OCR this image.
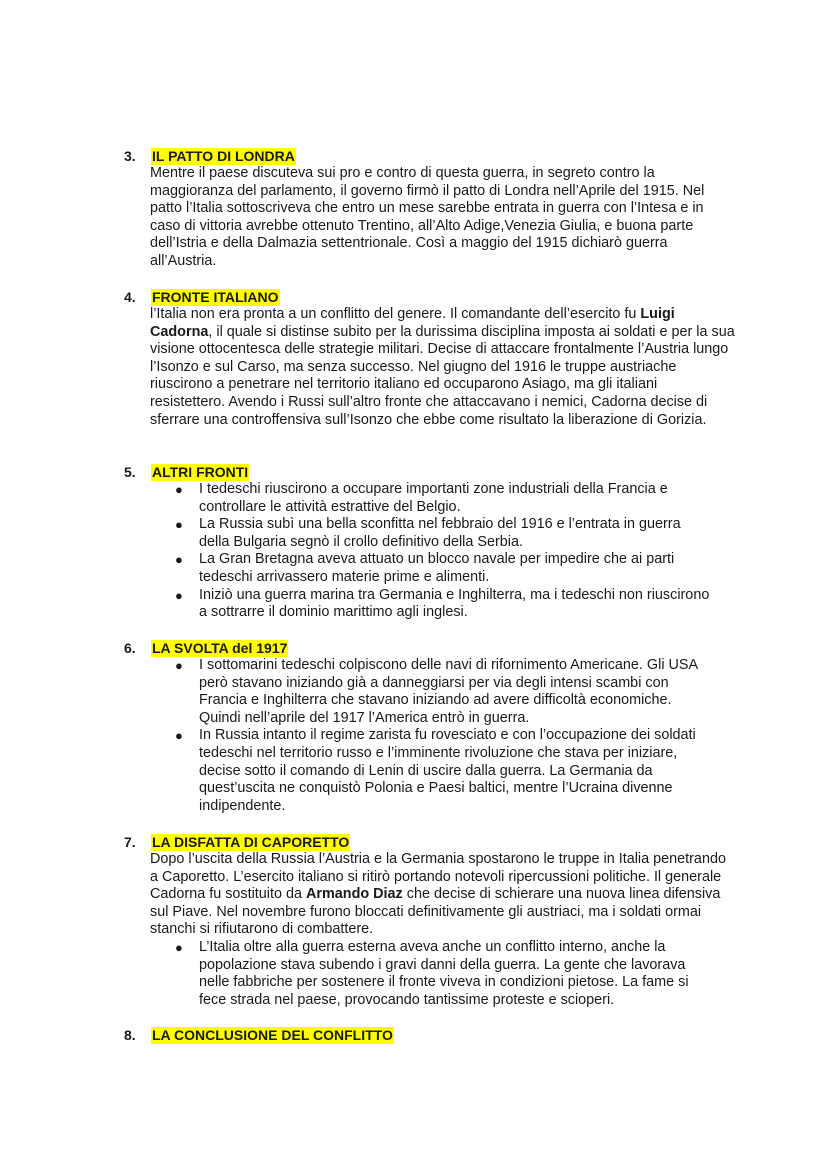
3.	IL PATTO DI LONDRA

Mentre il paese discuteva sui pro e contro di questa guerra, in segreto contro la maggioranza del parlamento, il governo firmò il patto di Londra nell’Aprile del 1915. Nel patto l’Italia sottoscriveva che entro un mese sarebbe entrata in guerra con l’Intesa e in caso di vittoria avrebbe ottenuto Trentino, all’Alto Adige,Venezia Giulia, e buona parte dell’Istria e della Dalmazia settentrionale. Così a maggio del 1915 dichiarò guerra all’Austria.

4.	FRONTE ITALIANO

l’Italia non era pronta a un conflitto del genere. Il comandante dell’esercito fu Luigi Cadorna, il quale si distinse subito per la durissima disciplina imposta ai soldati e per la sua visione ottocentesca delle strategie militari. Decise di attaccare frontalmente l’Austria lungo l’Isonzo e sul Carso, ma senza successo. Nel giugno del 1916 le truppe austriache riuscirono a penetrare nel territorio italiano ed occuparono Asiago, ma gli italiani resistettero. Avendo i Russi sull’altro fronte che attaccavano i nemici, Cadorna decise di sferrare una controffensiva sull’Isonzo che ebbe come risultato la liberazione di Gorizia.

5.	ALTRI FRONTI
● I tedeschi riuscirono a occupare importanti zone industriali della Francia e controllare le attività estrattive del Belgio.
● La Russia subì una bella sconfitta nel febbraio del 1916 e l’entrata in guerra della Bulgaria segnò il crollo definitivo della Serbia.
● La Gran Bretagna aveva attuato un blocco navale per impedire che ai parti tedeschi arrivassero materie prime e alimenti.
● Iniziò una guerra marina tra Germania e Inghilterra, ma i tedeschi non riuscirono a sottrarre il dominio marittimo agli inglesi.
6.	LA SVOLTA del 1917
● I sottomarini tedeschi colpiscono delle navi di rifornimento Americane. Gli USA però stavano iniziando già a danneggiarsi per via degli intensi scambi con Francia e Inghilterra che stavano iniziando ad avere difficoltà economiche. Quindi nell’aprile del 1917 l’America entrò in guerra.
● In Russia intanto il regime zarista fu rovesciato e con l’occupazione dei soldati tedeschi nel territorio russo e l’imminente rivoluzione che stava per iniziare, decise sotto il comando di Lenin di uscire dalla guerra. La Germania da quest’uscita ne conquistò Polonia e Paesi baltici, mentre l’Ucraina divenne indipendente.
7.	LA DISFATTA DI CAPORETTO

Dopo l’uscita della Russia l’Austria e la Germania spostarono le truppe in Italia penetrando a Caporetto. L’esercito italiano si ritirò portando notevoli ripercussioni politiche. Il generale Cadorna fu sostituito da Armando Diaz che decise di schierare una nuova linea difensiva sul Piave. Nel novembre furono bloccati definitivamente gli austriaci, ma i soldati ormai stanchi si rifiutarono di combattere.

● L’Italia oltre alla guerra esterna aveva anche un conflitto interno, anche la popolazione stava subendo i gravi danni della guerra. La gente che lavorava nelle fabbriche per sostenere il fronte viveva in condizioni pietose. La fame si fece strada nel paese, provocando tantissime proteste e scioperi.
8.	LA CONCLUSIONE DEL CONFLITTO
